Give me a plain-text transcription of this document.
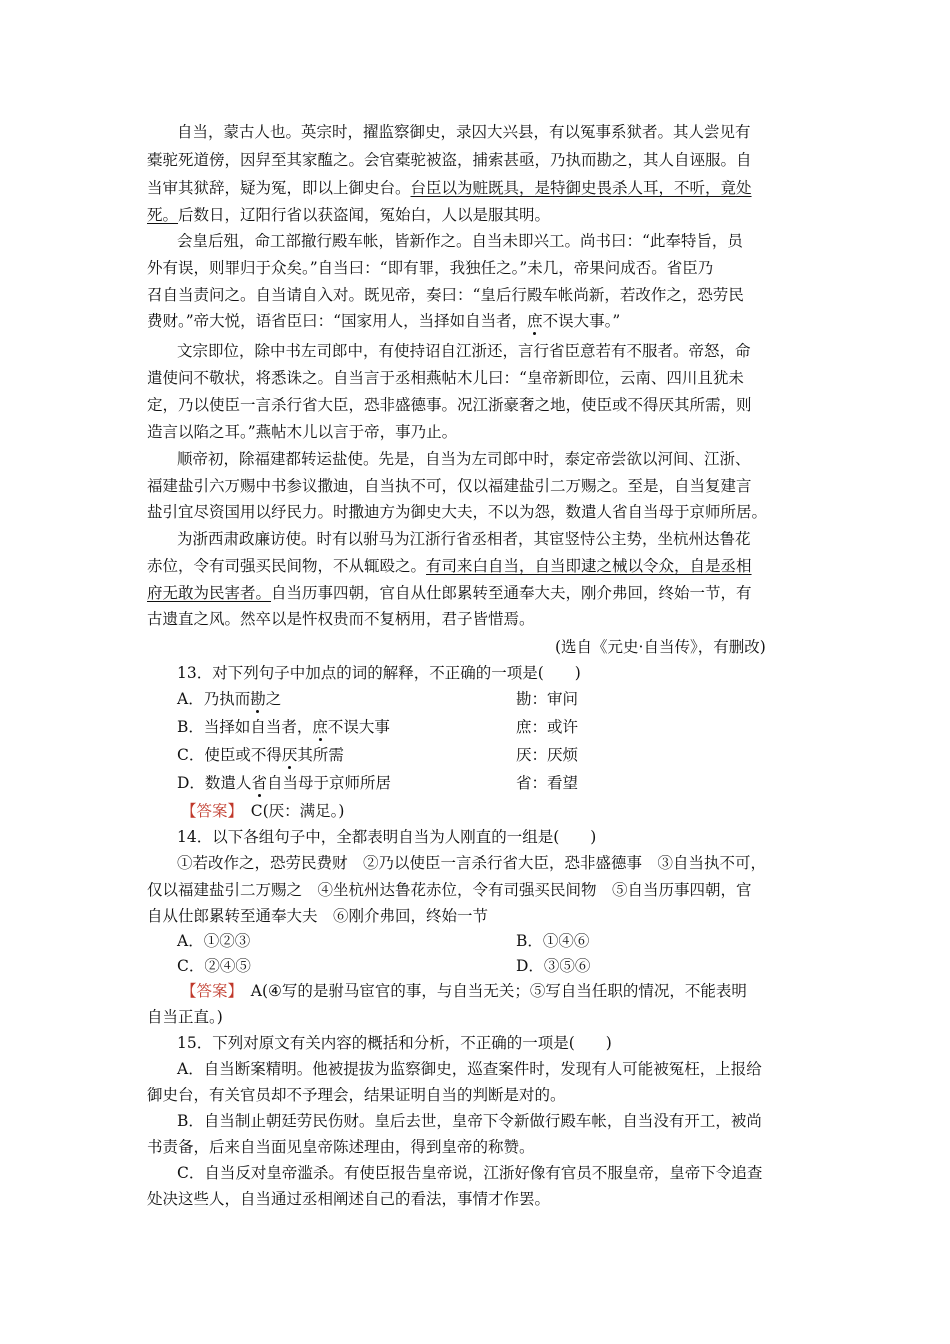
自当，蒙古人也。英宗时，擢监察御史，录囚大兴县，有以冤事系狱者。其人尝见有
橐驼死道傍，因舁至其家醢之。会官橐驼被盗，捕索甚亟，乃执而勘之，其人自诬服。自
当审其狱辞，疑为冤，即以上御史台。台臣以为赃既具，是特御史畏杀人耳，不听，竟处
死。后数日，辽阳行省以获盗闻，冤始白，人以是服其明。
会皇后殂，命工部撤行殿车帐，皆新作之。自当未即兴工。尚书曰：“此奉特旨，员
外有误，则罪归于众矣。”自当曰：“即有罪，我独任之。”未几，帝果问成否。省臣乃
召自当责问之。自当请自入对。既见帝，奏曰：“皇后行殿车帐尚新，若改作之，恐劳民
费财。”帝大悦，语省臣曰：“国家用人，当择如自当者，庶不误大事。”
文宗即位，除中书左司郎中，有使持诏自江浙还，言行省臣意若有不服者。帝怒，命
遣使问不敬状，将悉诛之。自当言于丞相燕帖木儿曰：“皇帝新即位，云南、四川且犹未
定，乃以使臣一言杀行省大臣，恐非盛德事。况江浙豪奢之地，使臣或不得厌其所需，则
造言以陷之耳。”燕帖木儿以言于帝，事乃止。
顺帝初，除福建都转运盐使。先是，自当为左司郎中时，泰定帝尝欲以河间、江浙、
福建盐引六万赐中书参议撒迪，自当执不可，仅以福建盐引二万赐之。至是，自当复建言
盐引宜尽资国用以纾民力。时撒迪方为御史大夫，不以为怨，数遣人省自当母于京师所居。
为浙西肃政廉访使。时有以驸马为江浙行省丞相者，其宦竖恃公主势，坐杭州达鲁花
赤位，令有司强买民间物，不从辄殴之。有司来白自当，自当即逮之械以令众，自是丞相
府无敢为民害者。自当历事四朝，官自从仕郎累转至通奉大夫，刚介弗回，终始一节，有
古遗直之风。然卒以是忤权贵而不复柄用，君子皆惜焉。
(选自《元史·自当传》，有删改)
13．对下列句子中加点的词的解释，不正确的一项是(　　)
A．乃执而勘之	勘：审问
B．当择如自当者，庶不误大事	庶：或许
C．使臣或不得厌其所需	厌：厌烦
D．数遣人省自当母于京师所居	省：看望
【答案】　C(厌：满足。)
14．以下各组句子中，全都表明自当为人刚直的一组是(　　)
①若改作之，恐劳民费财　②乃以使臣一言杀行省大臣，恐非盛德事　③自当执不可，
仅以福建盐引二万赐之　④坐杭州达鲁花赤位，令有司强买民间物　⑤自当历事四朝，官
自从仕郎累转至通奉大夫　⑥刚介弗回，终始一节
A．①②③	B．①④⑥
C．②④⑤	D．③⑤⑥
【答案】　A(④写的是驸马宦官的事，与自当无关；⑤写自当任职的情况，不能表明
自当正直。)
15．下列对原文有关内容的概括和分析，不正确的一项是(　　)
A．自当断案精明。他被提拔为监察御史，巡查案件时，发现有人可能被冤枉，上报给
御史台，有关官员却不予理会，结果证明自当的判断是对的。
B．自当制止朝廷劳民伤财。皇后去世，皇帝下令新做行殿车帐，自当没有开工，被尚
书责备，后来自当面见皇帝陈述理由，得到皇帝的称赞。
C．自当反对皇帝滥杀。有使臣报告皇帝说，江浙好像有官员不服皇帝，皇帝下令追查
处决这些人，自当通过丞相阐述自己的看法，事情才作罢。
